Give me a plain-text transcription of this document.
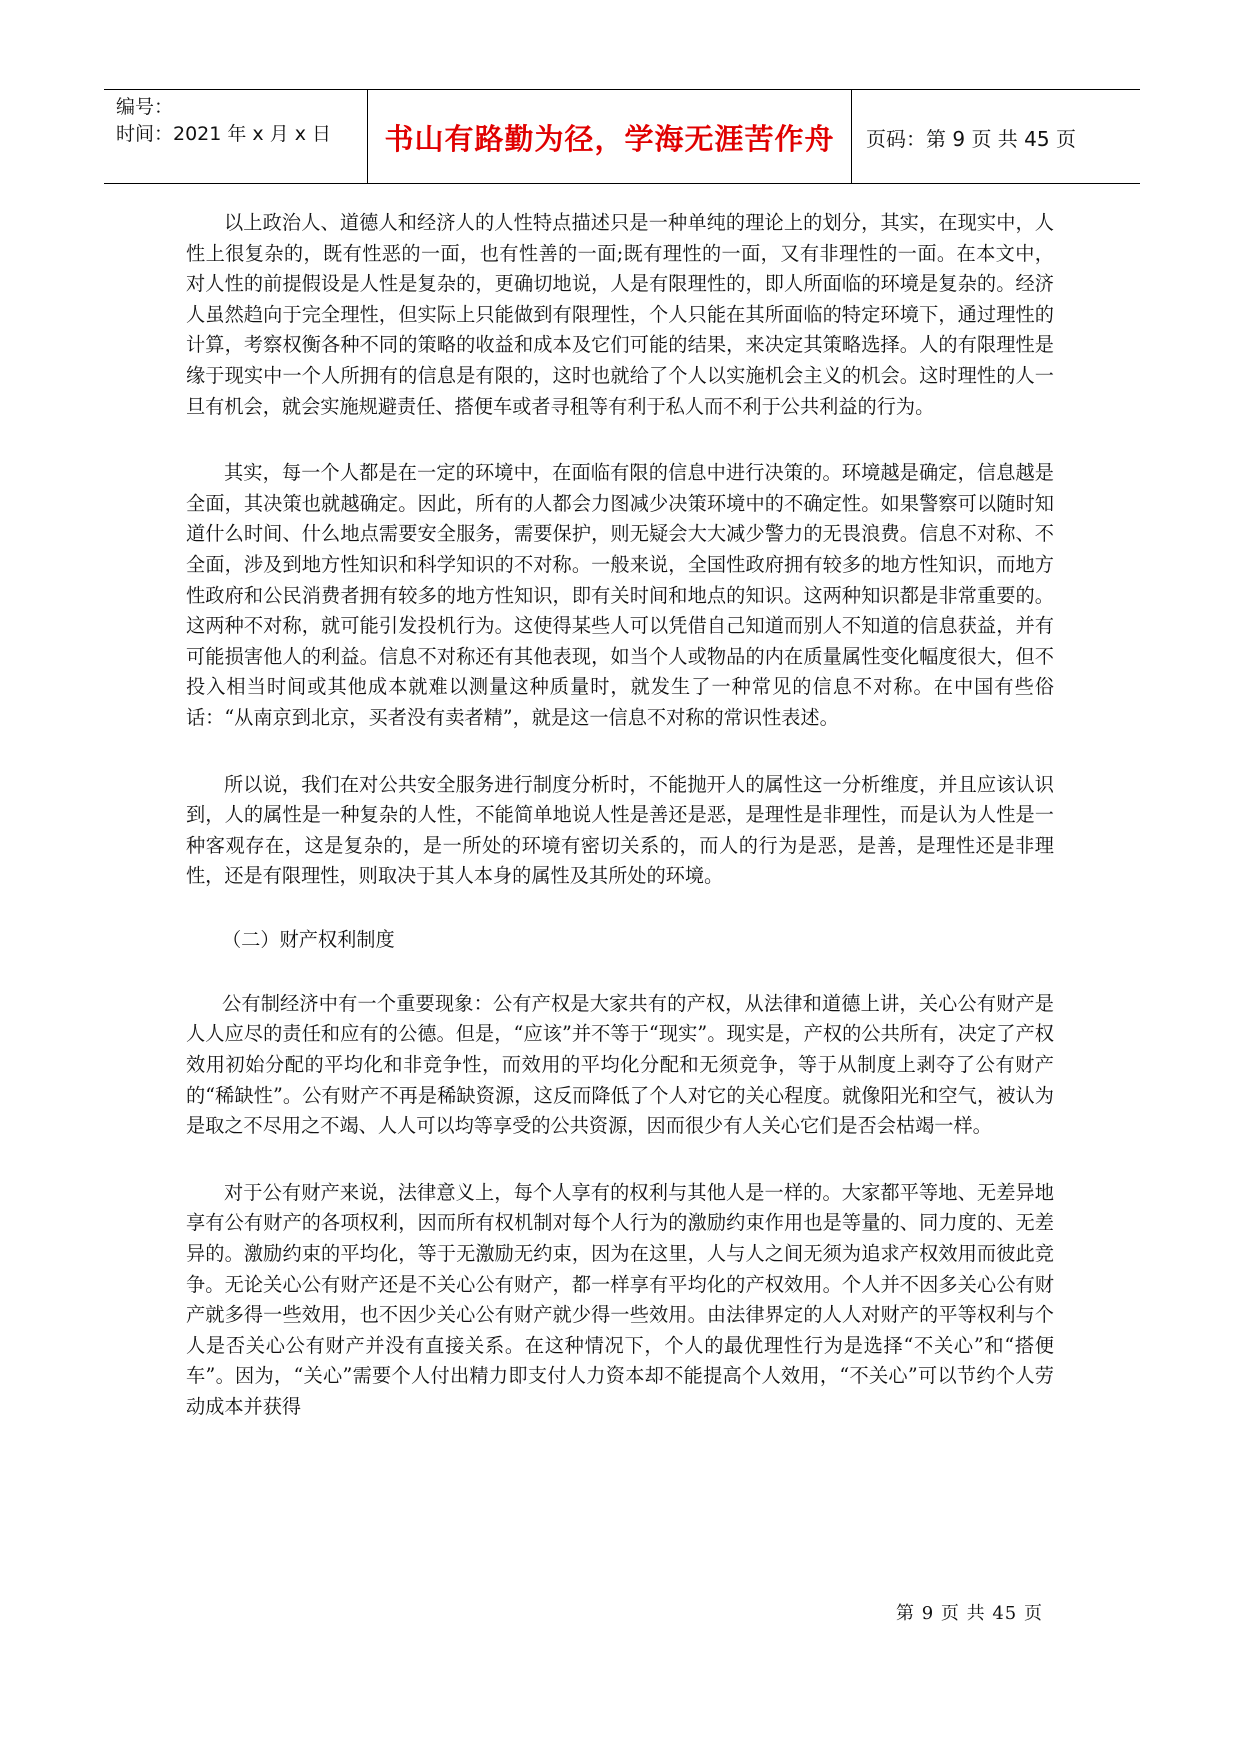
编号：
时间：2021 年 x 月 x 日	书山有路勤为径，学海无涯苦作舟	页码：第 9 页 共 45 页

以上政治人、道德人和经济人的人性特点描述只是一种单纯的理论上的划分，其实，在现实中，人性上很复杂的，既有性恶的一面，也有性善的一面;既有理性的一面，又有非理性的一面。在本文中，对人性的前提假设是人性是复杂的，更确切地说，人是有限理性的，即人所面临的环境是复杂的。经济人虽然趋向于完全理性，但实际上只能做到有限理性，个人只能在其所面临的特定环境下，通过理性的计算，考察权衡各种不同的策略的收益和成本及它们可能的结果，来决定其策略选择。人的有限理性是缘于现实中一个人所拥有的信息是有限的，这时也就给了个人以实施机会主义的机会。这时理性的人一旦有机会，就会实施规避责任、搭便车或者寻租等有利于私人而不利于公共利益的行为。

其实，每一个人都是在一定的环境中，在面临有限的信息中进行决策的。环境越是确定，信息越是全面，其决策也就越确定。因此，所有的人都会力图减少决策环境中的不确定性。如果警察可以随时知道什么时间、什么地点需要安全服务，需要保护，则无疑会大大减少警力的无畏浪费。信息不对称、不全面，涉及到地方性知识和科学知识的不对称。一般来说，全国性政府拥有较多的地方性知识，而地方性政府和公民消费者拥有较多的地方性知识，即有关时间和地点的知识。这两种知识都是非常重要的。这两种不对称，就可能引发投机行为。这使得某些人可以凭借自己知道而别人不知道的信息获益，并有可能损害他人的利益。信息不对称还有其他表现，如当个人或物品的内在质量属性变化幅度很大，但不投入相当时间或其他成本就难以测量这种质量时，就发生了一种常见的信息不对称。在中国有些俗话：“从南京到北京，买者没有卖者精”，就是这一信息不对称的常识性表述。

所以说，我们在对公共安全服务进行制度分析时，不能抛开人的属性这一分析维度，并且应该认识到，人的属性是一种复杂的人性，不能简单地说人性是善还是恶，是理性是非理性，而是认为人性是一种客观存在，这是复杂的，是一所处的环境有密切关系的，而人的行为是恶，是善，是理性还是非理性，还是有限理性，则取决于其人本身的属性及其所处的环境。

（二）财产权利制度

公有制经济中有一个重要现象：公有产权是大家共有的产权，从法律和道德上讲，关心公有财产是人人应尽的责任和应有的公德。但是，“应该”并不等于“现实”。现实是，产权的公共所有，决定了产权效用初始分配的平均化和非竞争性，而效用的平均化分配和无须竞争，等于从制度上剥夺了公有财产的“稀缺性”。公有财产不再是稀缺资源，这反而降低了个人对它的关心程度。就像阳光和空气，被认为是取之不尽用之不竭、人人可以均等享受的公共资源，因而很少有人关心它们是否会枯竭一样。

对于公有财产来说，法律意义上，每个人享有的权利与其他人是一样的。大家都平等地、无差异地享有公有财产的各项权利，因而所有权机制对每个人行为的激励约束作用也是等量的、同力度的、无差异的。激励约束的平均化，等于无激励无约束，因为在这里，人与人之间无须为追求产权效用而彼此竞争。无论关心公有财产还是不关心公有财产，都一样享有平均化的产权效用。个人并不因多关心公有财产就多得一些效用，也不因少关心公有财产就少得一些效用。由法律界定的人人对财产的平等权利与个人是否关心公有财产并没有直接关系。在这种情况下，个人的最优理性行为是选择“不关心”和“搭便车”。因为，“关心”需要个人付出精力即支付人力资本却不能提高个人效用，“不关心”可以节约个人劳动成本并获得

第 9 页 共 45 页
